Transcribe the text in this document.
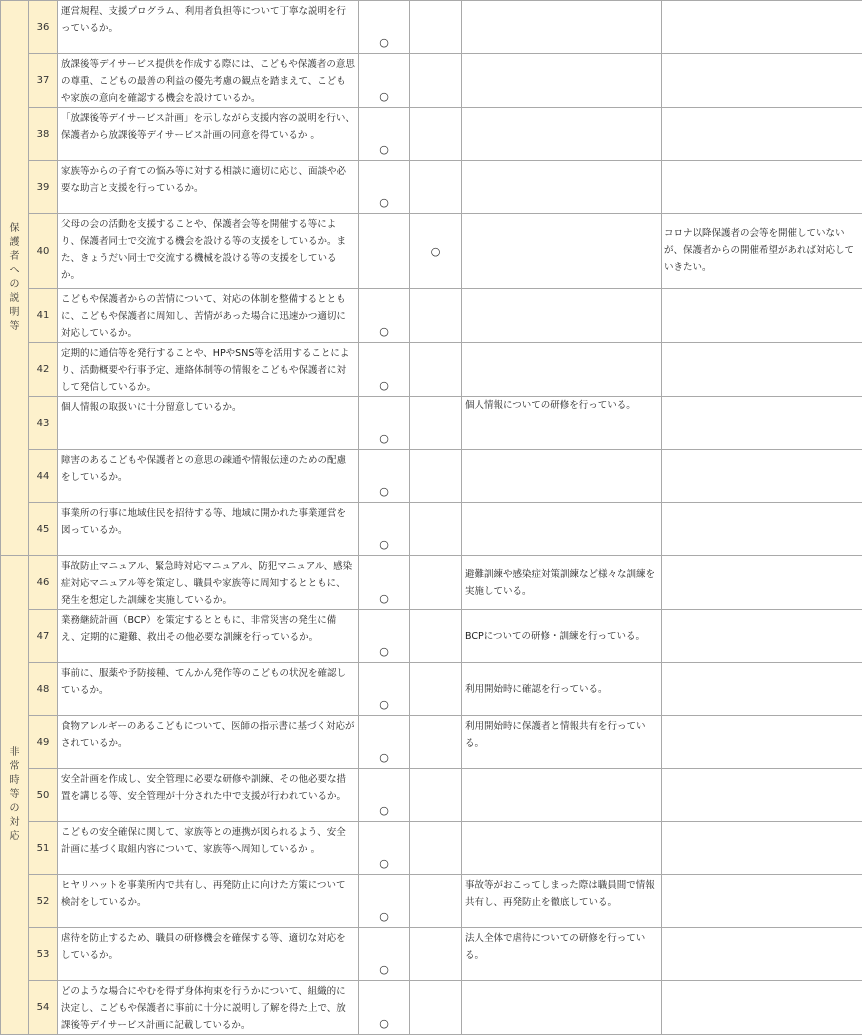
保護者への説明等	36	運営規程、支援プログラム、利用者負担等について丁寧な説明を行っているか。	○			
	37	放課後等デイサービス提供を作成する際には、こどもや保護者の意思の尊重、こどもの最善の利益の優先考慮の観点を踏まえて、こどもや家族の意向を確認する機会を設けているか。	○			
	38	「放課後等デイサービス計画」を示しながら支援内容の説明を行い、保護者から放課後等デイサービス計画の同意を得ているか 。	○			
	39	家族等からの子育ての悩み等に対する相談に適切に応じ、面談や必要な助言と支援を行っているか。	○			
	40	父母の会の活動を支援することや、保護者会等を開催する等により、保護者同士で交流する機会を設ける等の支援をしているか。また、きょうだい同士で交流する機械を設ける等の支援をしているか。		○		コロナ以降保護者の会等を開催していないが、保護者からの開催希望があれば対応していきたい。
	41	こどもや保護者からの苦情について、対応の体制を整備するとともに、こどもや保護者に周知し、苦情があった場合に迅速かつ適切に対応しているか。	○			
	42	定期的に通信等を発行することや、HPやSNS等を活用することにより、活動概要や行事予定、連絡体制等の情報をこどもや保護者に対して発信しているか。	○			
	43	個人情報の取扱いに十分留意しているか。	○		個人情報についての研修を行っている。	
	44	障害のあるこどもや保護者との意思の疎通や情報伝達のための配慮をしているか。	○			
	45	事業所の行事に地域住民を招待する等、地域に開かれた事業運営を図っているか。	○			
非常時等の対応	46	事故防止マニュアル、緊急時対応マニュアル、防犯マニュアル、感染症対応マニュアル等を策定し、職員や家族等に周知するとともに、発生を想定した訓練を実施しているか。	○		避難訓練や感染症対策訓練など様々な訓練を実施している。	
	47	業務継続計画（BCP）を策定するとともに、非常災害の発生に備え、定期的に避難、救出その他必要な訓練を行っているか。	○		BCPについての研修・訓練を行っている。	
	48	事前に、服薬や予防接種、てんかん発作等のこどもの状況を確認しているか。	○		利用開始時に確認を行っている。	
	49	食物アレルギーのあるこどもについて、医師の指示書に基づく対応がされているか。	○		利用開始時に保護者と情報共有を行っている。	
	50	安全計画を作成し、安全管理に必要な研修や訓練、その他必要な措置を講じる等、安全管理が十分された中で支援が行われているか。	○			
	51	こどもの安全確保に関して、家族等との連携が図られるよう、安全計画に基づく取組内容について、家族等へ周知しているか 。	○			
	52	ヒヤリハットを事業所内で共有し、再発防止に向けた方策について検討をしているか。	○		事故等がおこってしまった際は職員間で情報共有し、再発防止を徹底している。	
	53	虐待を防止するため、職員の研修機会を確保する等、適切な対応をしているか。	○		法人全体で虐待についての研修を行っている。	
	54	どのような場合にやむを得ず身体拘束を行うかについて、組織的に決定し、こどもや保護者に事前に十分に説明し了解を得た上で、放課後等デイサービス計画に記載しているか。	○			
